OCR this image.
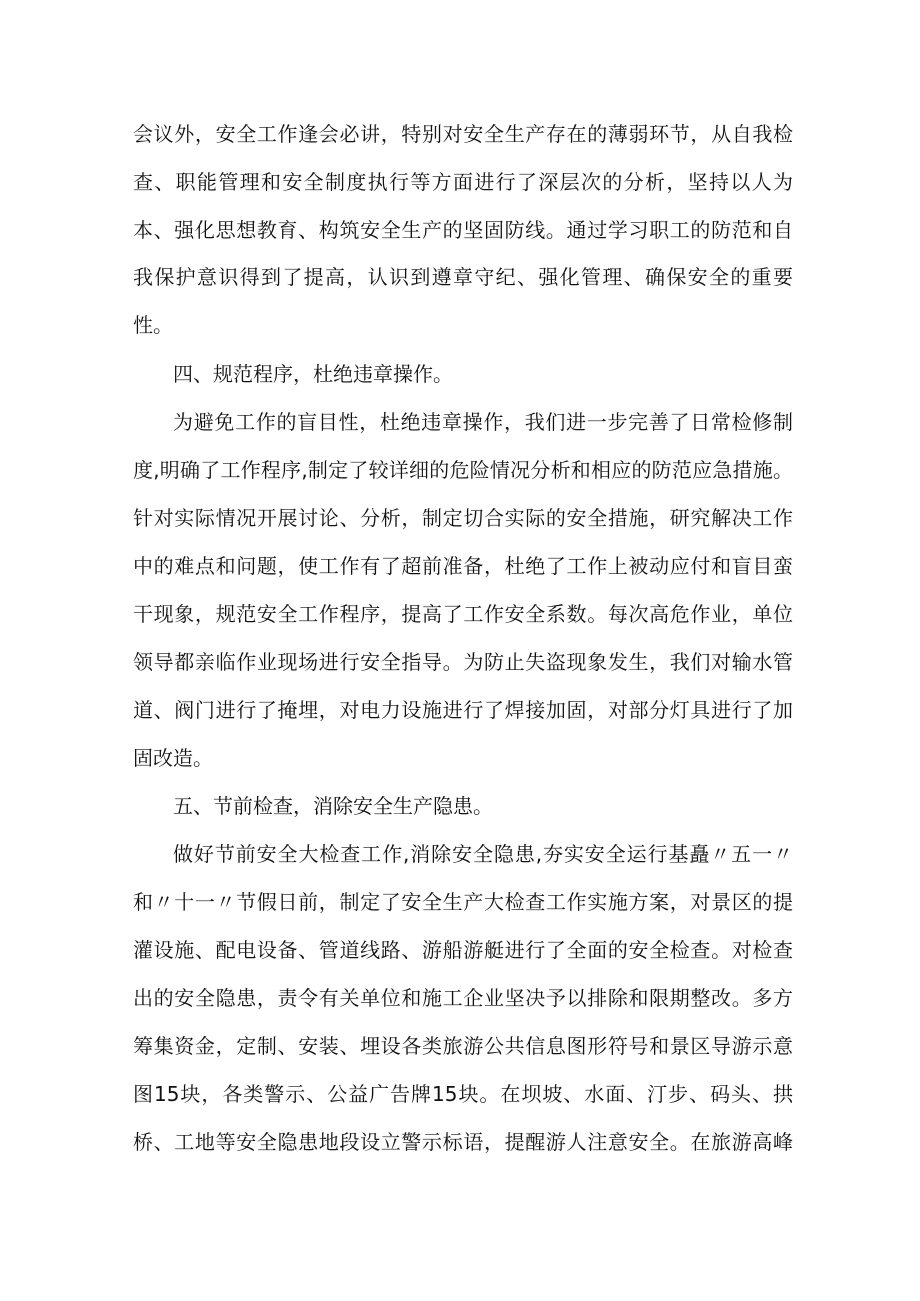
会议外，安全工作逢会必讲，特别对安全生产存在的薄弱环节，从自我检
查、职能管理和安全制度执行等方面进行了深层次的分析，坚持以人为
本、强化思想教育、构筑安全生产的坚固防线。通过学习职工的防范和自
我保护意识得到了提高，认识到遵章守纪、强化管理、确保安全的重要
性。
四、规范程序，杜绝违章操作。
为避免工作的盲目性，杜绝违章操作，我们进一步完善了日常检修制
度,明确了工作程序,制定了较详细的危险情况分析和相应的防范应急措施。
针对实际情况开展讨论、分析，制定切合实际的安全措施，研究解决工作
中的难点和问题，使工作有了超前准备，杜绝了工作上被动应付和盲目蛮
干现象，规范安全工作程序，提高了工作安全系数。每次高危作业，单位
领导都亲临作业现场进行安全指导。为防止失盗现象发生，我们对输水管
道、阀门进行了掩埋，对电力设施进行了焊接加固，对部分灯具进行了加
固改造。
五、节前检查，消除安全生产隐患。
做好节前安全大检查工作,消除安全隐患,夯实安全运行基矗〃五一〃
和〃十一〃节假日前，制定了安全生产大检查工作实施方案，对景区的提
灌设施、配电设备、管道线路、游船游艇进行了全面的安全检查。对检查
出的安全隐患，责令有关单位和施工企业坚决予以排除和限期整改。多方
筹集资金，定制、安装、埋设各类旅游公共信息图形符号和景区导游示意
图15块，各类警示、公益广告牌15块。在坝坡、水面、汀步、码头、拱
桥、工地等安全隐患地段设立警示标语，提醒游人注意安全。在旅游高峰
